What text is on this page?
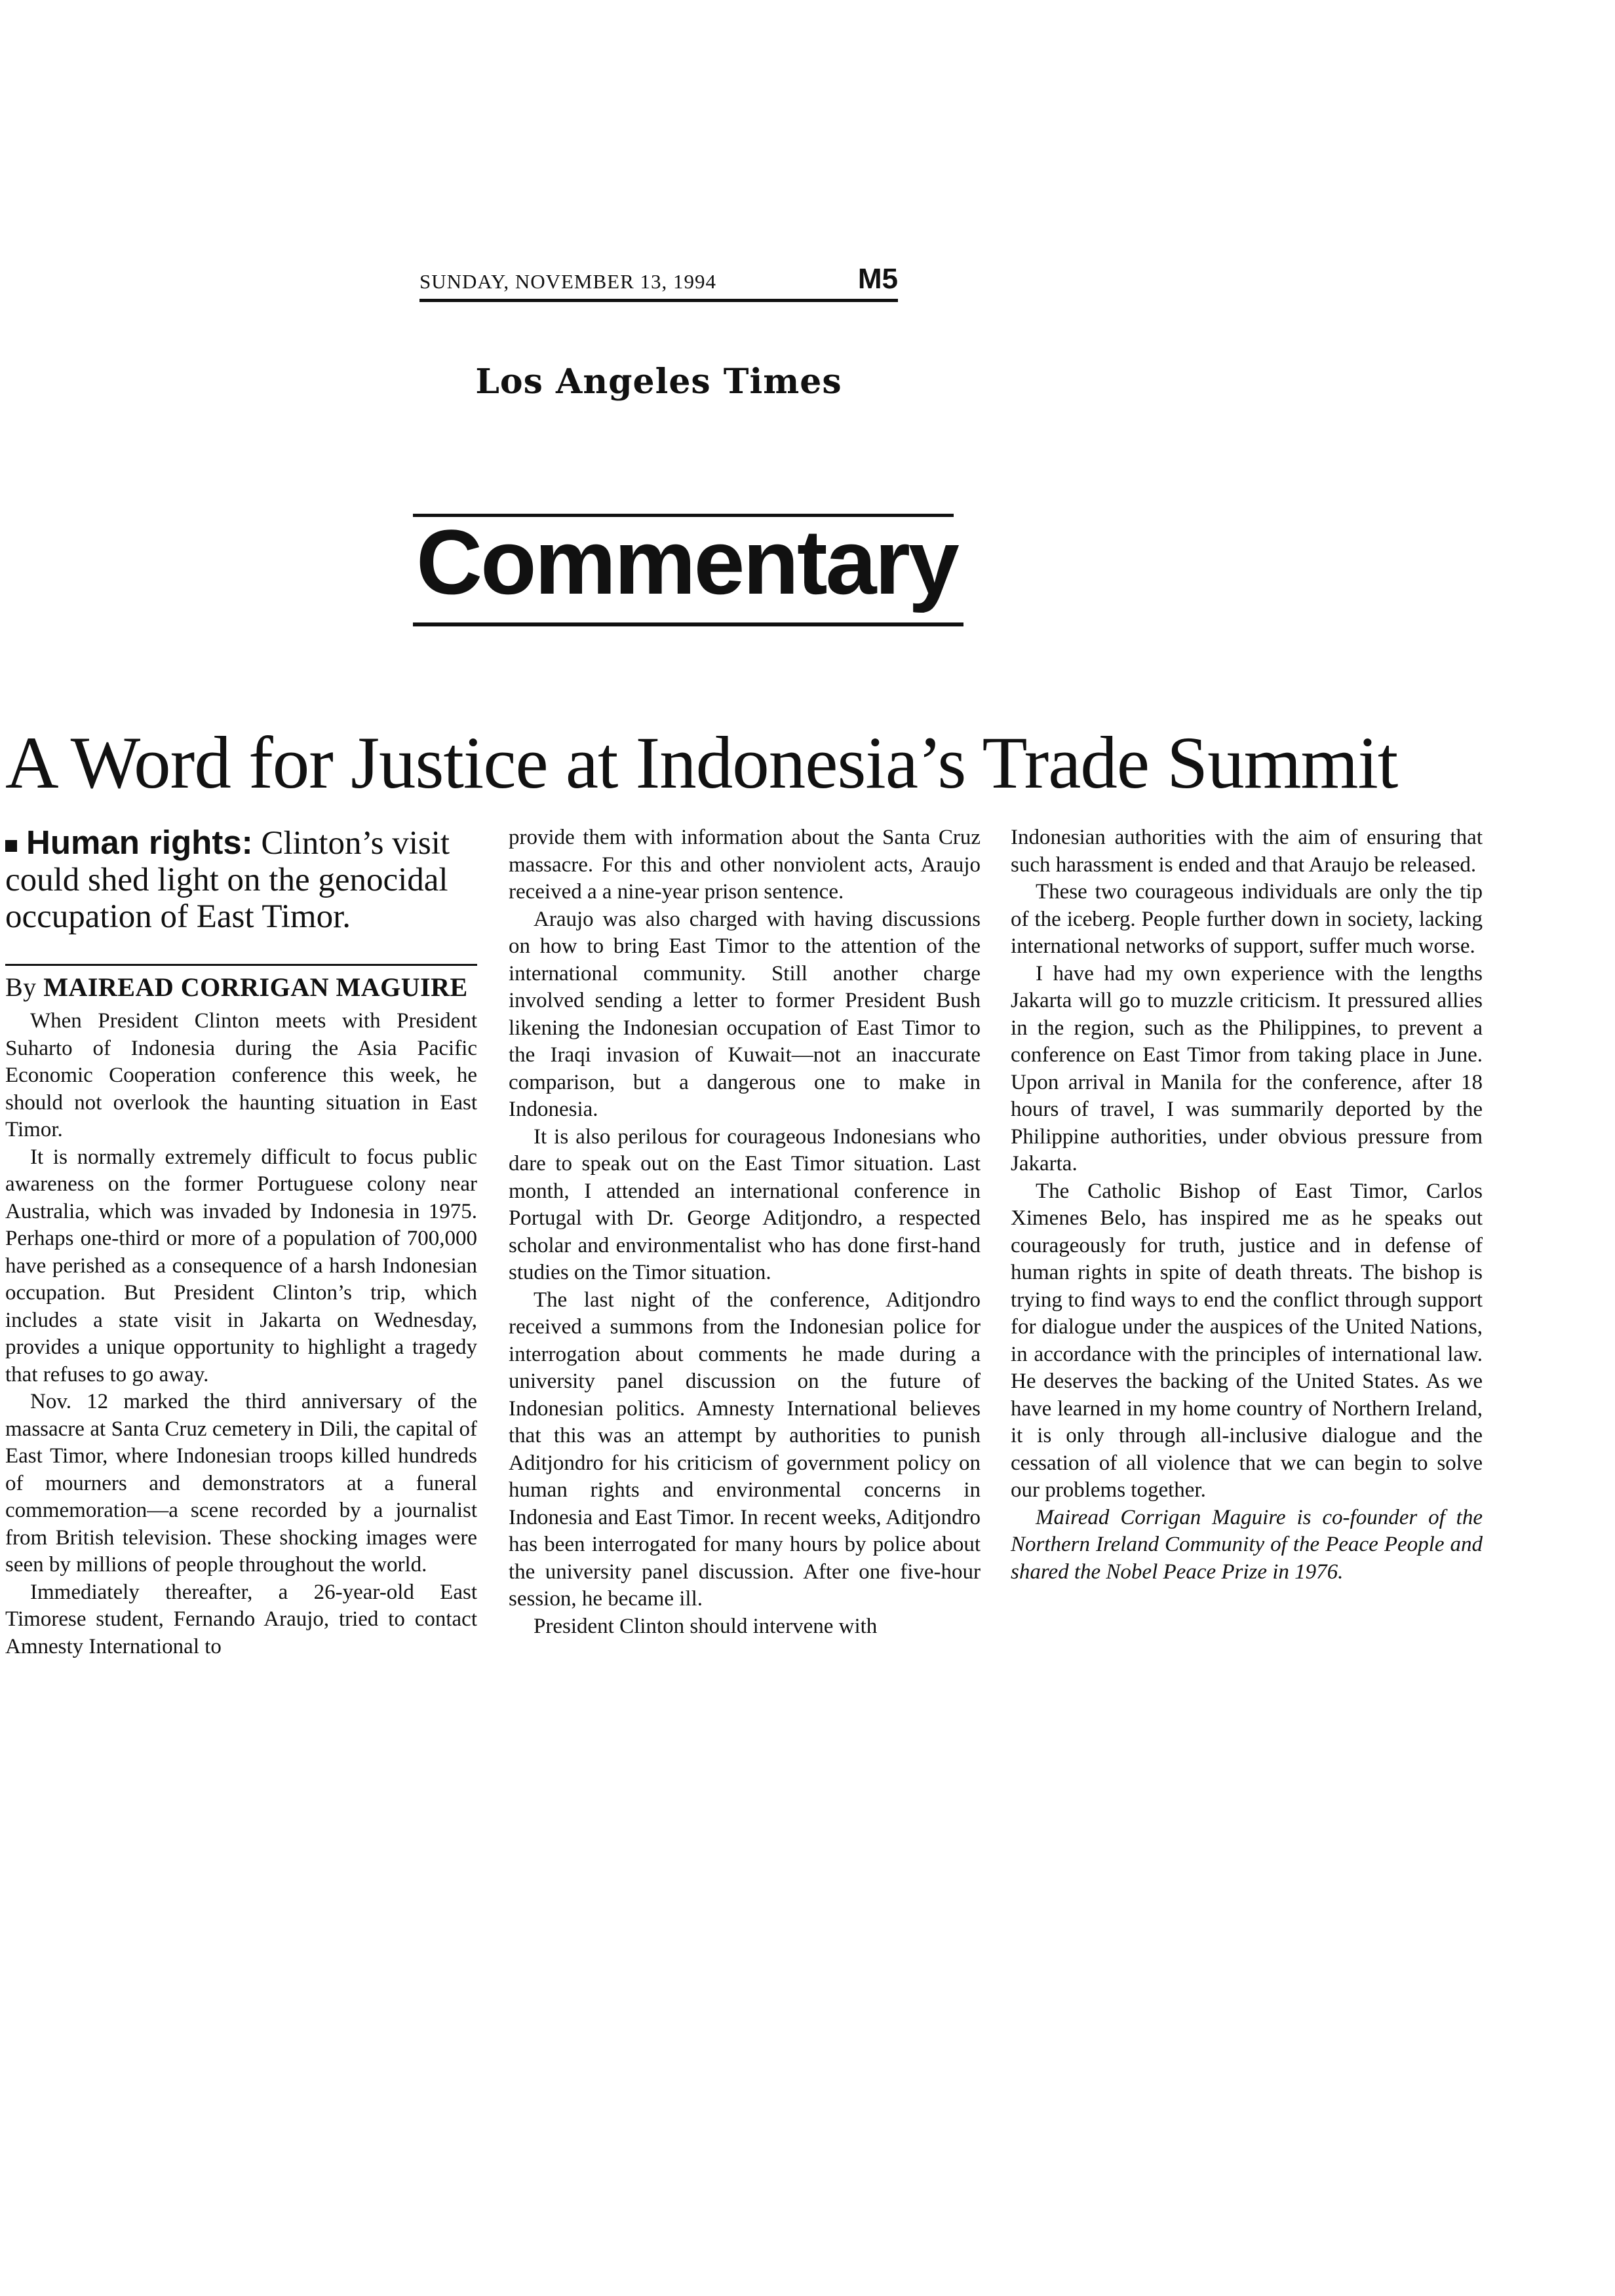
SUNDAY, NOVEMBER 13, 1994	M5
Los Angeles Times
Commentary
A Word for Justice at Indonesia’s Trade Summit
Human rights: Clinton’s visit could shed light on the genocidal occupation of East Timor.
By MAIREAD CORRIGAN MAGUIRE

When President Clinton meets with President Suharto of Indonesia during the Asia Pacific Economic Cooperation conference this week, he should not overlook the haunting situation in East Timor.

It is normally extremely difficult to focus public awareness on the former Portuguese colony near Australia, which was invaded by Indonesia in 1975. Perhaps one-third or more of a population of 700,000 have perished as a consequence of a harsh Indonesian occupation. But President Clinton’s trip, which includes a state visit in Jakarta on Wednesday, provides a unique opportunity to highlight a tragedy that refuses to go away.

Nov. 12 marked the third anniversary of the massacre at Santa Cruz cemetery in Dili, the capital of East Timor, where Indonesian troops killed hundreds of mourners and demonstrators at a funeral commemoration—a scene recorded by a journalist from British television. These shocking images were seen by millions of people throughout the world.

Immediately thereafter, a 26-year-old East Timorese student, Fernando Araujo, tried to contact Amnesty International to

provide them with information about the Santa Cruz massacre. For this and other nonviolent acts, Araujo received a a nine-year prison sentence.

Araujo was also charged with having discussions on how to bring East Timor to the attention of the international community. Still another charge involved sending a letter to former President Bush likening the Indonesian occupation of East Timor to the Iraqi invasion of Kuwait—not an inaccurate comparison, but a dangerous one to make in Indonesia.

It is also perilous for courageous Indonesians who dare to speak out on the East Timor situation. Last month, I attended an international conference in Portugal with Dr. George Aditjondro, a respected scholar and environmentalist who has done first-hand studies on the Timor situation.

The last night of the conference, Aditjondro received a summons from the Indonesian police for interrogation about comments he made during a university panel discussion on the future of Indonesian politics. Amnesty International believes that this was an attempt by authorities to punish Aditjondro for his criticism of government policy on human rights and environmental concerns in Indonesia and East Timor. In recent weeks, Aditjondro has been interrogated for many hours by police about the university panel discussion. After one five-hour session, he became ill.

President Clinton should intervene with

Indonesian authorities with the aim of ensuring that such harassment is ended and that Araujo be released.

These two courageous individuals are only the tip of the iceberg. People further down in society, lacking international networks of support, suffer much worse.

I have had my own experience with the lengths Jakarta will go to muzzle criticism. It pressured allies in the region, such as the Philippines, to prevent a conference on East Timor from taking place in June. Upon arrival in Manila for the conference, after 18 hours of travel, I was summarily deported by the Philippine authorities, under obvious pressure from Jakarta.

The Catholic Bishop of East Timor, Carlos Ximenes Belo, has inspired me as he speaks out courageously for truth, justice and in defense of human rights in spite of death threats. The bishop is trying to find ways to end the conflict through support for dialogue under the auspices of the United Nations, in accordance with the principles of international law. He deserves the backing of the United States. As we have learned in my home country of Northern Ireland, it is only through all-inclusive dialogue and the cessation of all violence that we can begin to solve our problems together.

Mairead Corrigan Maguire is co-founder of the Northern Ireland Community of the Peace People and shared the Nobel Peace Prize in 1976.
